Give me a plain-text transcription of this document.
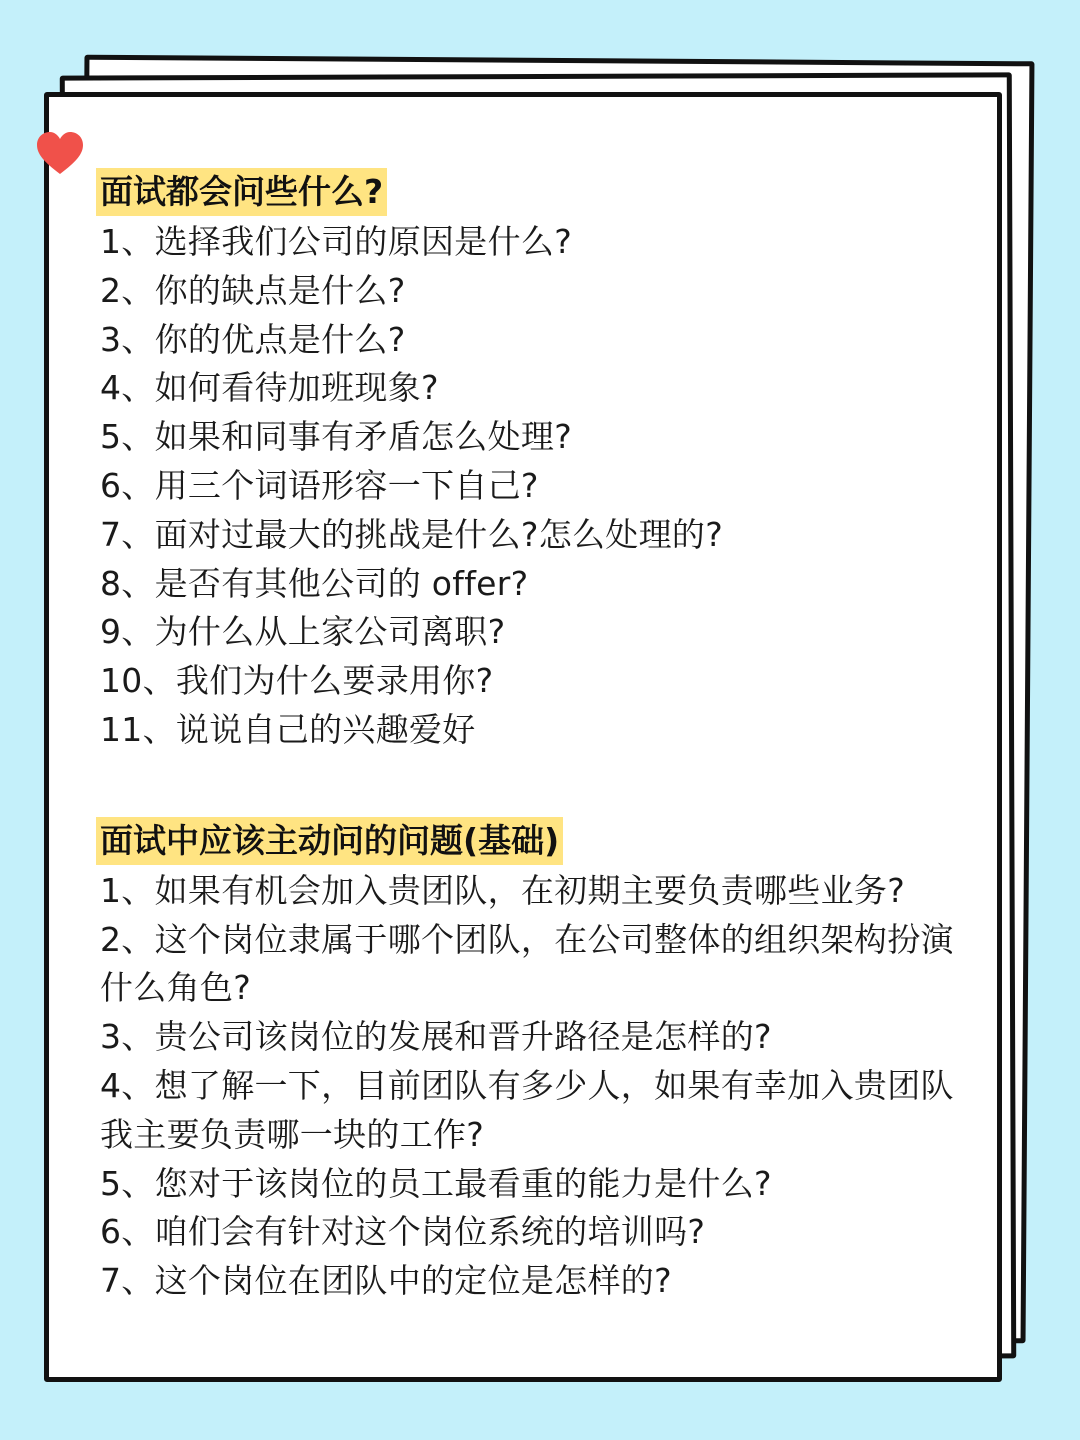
面试都会问些什么?
1、选择我们公司的原因是什么?
2、你的缺点是什么?
3、你的优点是什么?
4、如何看待加班现象?
5、如果和同事有矛盾怎么处理?
6、用三个词语形容一下自己?
7、面对过最大的挑战是什么?怎么处理的?
8、是否有其他公司的 offer?
9、为什么从上家公司离职?
10、我们为什么要录用你?
11、说说自己的兴趣爱好
面试中应该主动问的问题(基础)
1、如果有机会加入贵团队，在初期主要负责哪些业务?
2、这个岗位隶属于哪个团队，在公司整体的组织架构扮演什么角色?
3、贵公司该岗位的发展和晋升路径是怎样的?
4、想了解一下，目前团队有多少人，如果有幸加入贵团队我主要负责哪一块的工作?
5、您对于该岗位的员工最看重的能力是什么?
6、咱们会有针对这个岗位系统的培训吗?
7、这个岗位在团队中的定位是怎样的?
